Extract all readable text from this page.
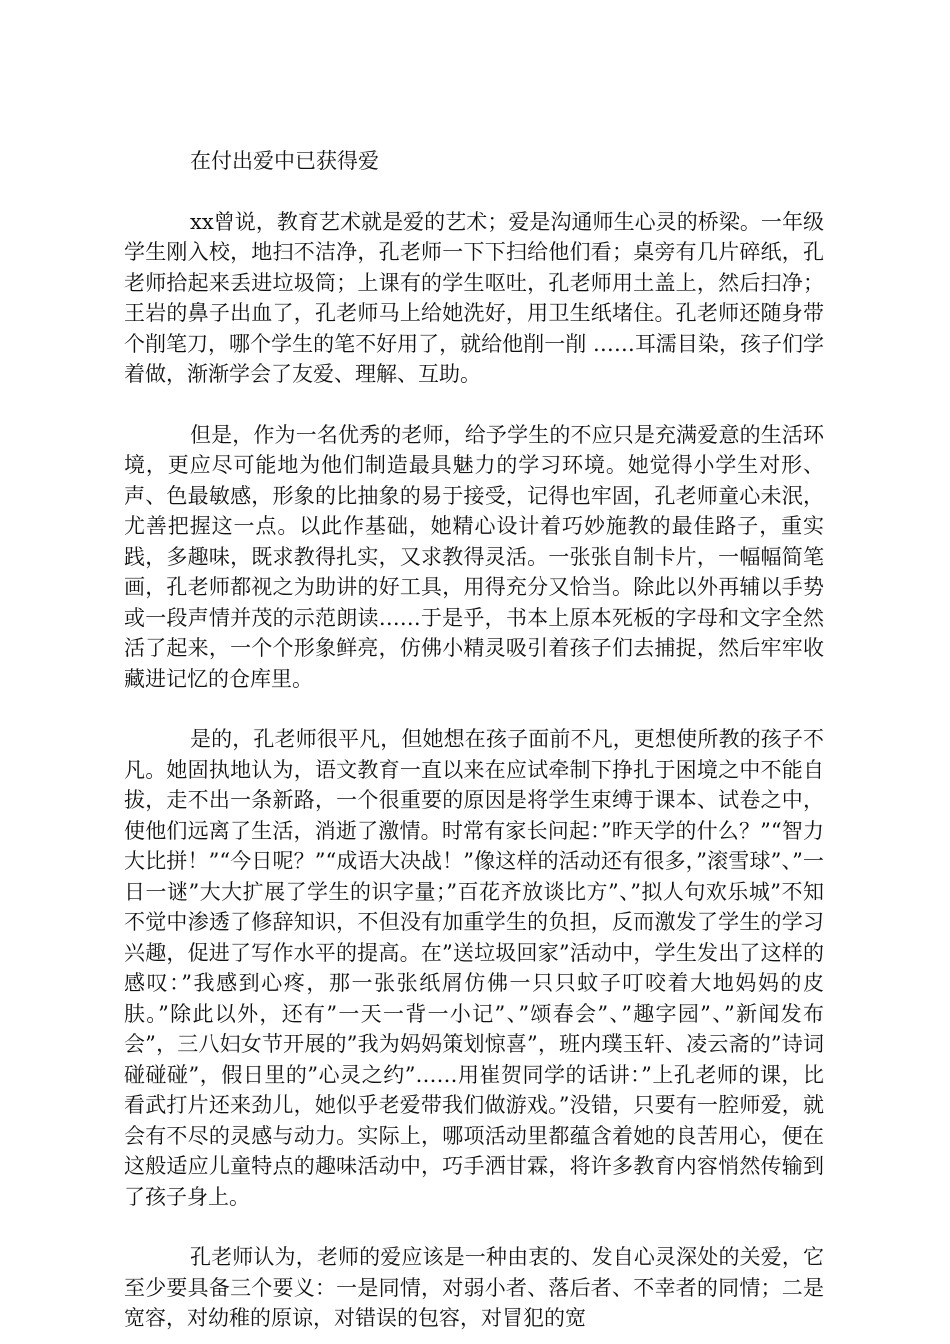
在付出爱中已获得爱

xx曾说，教育艺术就是爱的艺术；爱是沟通师生心灵的桥梁。一年级学生刚入校，地扫不洁净，孔老师一下下扫给他们看；桌旁有几片碎纸，孔老师拾起来丢进垃圾筒；上课有的学生呕吐，孔老师用土盖上，然后扫净；王岩的鼻子出血了，孔老师马上给她洗好，用卫生纸堵住。孔老师还随身带个削笔刀，哪个学生的笔不好用了，就给他削一削 ……耳濡目染，孩子们学着做，渐渐学会了友爱、理解、互助。

但是，作为一名优秀的老师，给予学生的不应只是充满爱意的生活环境，更应尽可能地为他们制造最具魅力的学习环境。她觉得小学生对形、声、色最敏感，形象的比抽象的易于接受，记得也牢固，孔老师童心未泯，尤善把握这一点。以此作基础，她精心设计着巧妙施教的最佳路子，重实践，多趣味，既求教得扎实，又求教得灵活。一张张自制卡片，一幅幅简笔画，孔老师都视之为助讲的好工具，用得充分又恰当。除此以外再辅以手势或一段声情并茂的示范朗读……于是乎，书本上原本死板的字母和文字全然活了起来，一个个形象鲜亮，仿佛小精灵吸引着孩子们去捕捉，然后牢牢收藏进记忆的仓库里。

是的，孔老师很平凡，但她想在孩子面前不凡，更想使所教的孩子不凡。她固执地认为，语文教育一直以来在应试牵制下挣扎于困境之中不能自拔，走不出一条新路，一个很重要的原因是将学生束缚于课本、试卷之中，使他们远离了生活，消逝了激情。时常有家长问起：”昨天学的什么？”“智力大比拼！”“今日呢？”“成语大决战！”像这样的活动还有很多，”滚雪球”、”一日一谜”大大扩展了学生的识字量；”百花齐放谈比方”、”拟人句欢乐城”不知不觉中渗透了修辞知识，不但没有加重学生的负担，反而激发了学生的学习兴趣，促进了写作水平的提高。在”送垃圾回家”活动中，学生发出了这样的感叹：”我感到心疼，那一张张纸屑仿佛一只只蚊子叮咬着大地妈妈的皮肤。”除此以外，还有”一天一背一小记”、”颂春会”、”趣字园”、”新闻发布会”，三八妇女节开展的”我为妈妈策划惊喜”，班内璞玉轩、凌云斋的”诗词碰碰碰”，假日里的”心灵之约”……用崔贺同学的话讲：”上孔老师的课，比看武打片还来劲儿，她似乎老爱带我们做游戏。”没错，只要有一腔师爱，就会有不尽的灵感与动力。实际上，哪项活动里都蕴含着她的良苦用心，便在这般适应儿童特点的趣味活动中，巧手洒甘霖，将许多教育内容悄然传输到了孩子身上。

孔老师认为，老师的爱应该是一种由衷的、发自心灵深处的关爱，它至少要具备三个要义：一是同情，对弱小者、落后者、不幸者的同情；二是宽容，对幼稚的原谅，对错误的包容，对冒犯的宽
